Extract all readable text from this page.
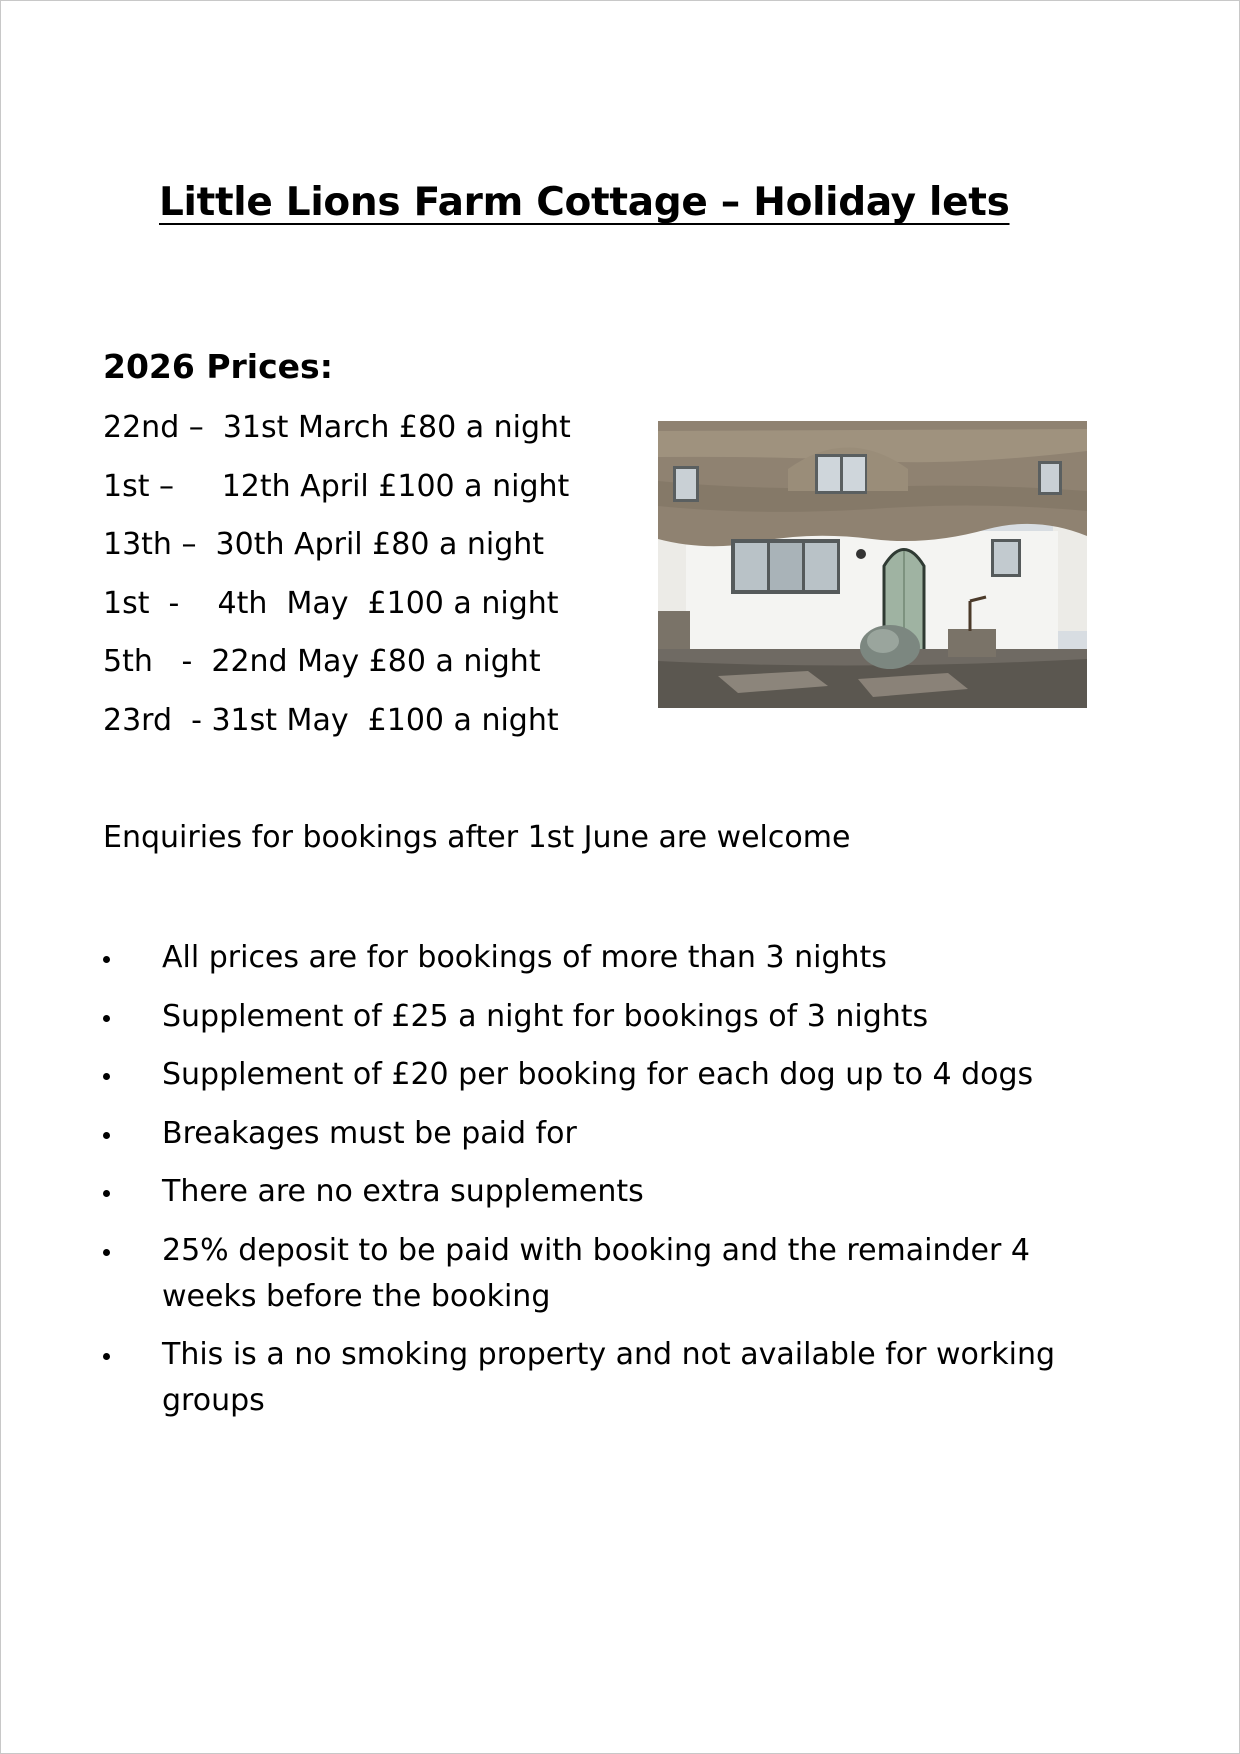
Little Lions Farm Cottage – Holiday lets
2026 Prices:
22nd –  31st March £80 a night
1st –     12th April £100 a night
13th –  30th April £80 a night
1st  -    4th  May  £100 a night
5th   -  22nd May £80 a night
23rd  - 31st May  £100 a night
Enquiries for bookings after 1st June are welcome
All prices are for bookings of more than 3 nights
Supplement of £25 a night for bookings of 3 nights
Supplement of £20 per booking for each dog up to 4 dogs
Breakages must be paid for
There are no extra supplements
25% deposit to be paid with booking and the remainder 4 weeks before the booking
This is a no smoking property and not available for working groups
